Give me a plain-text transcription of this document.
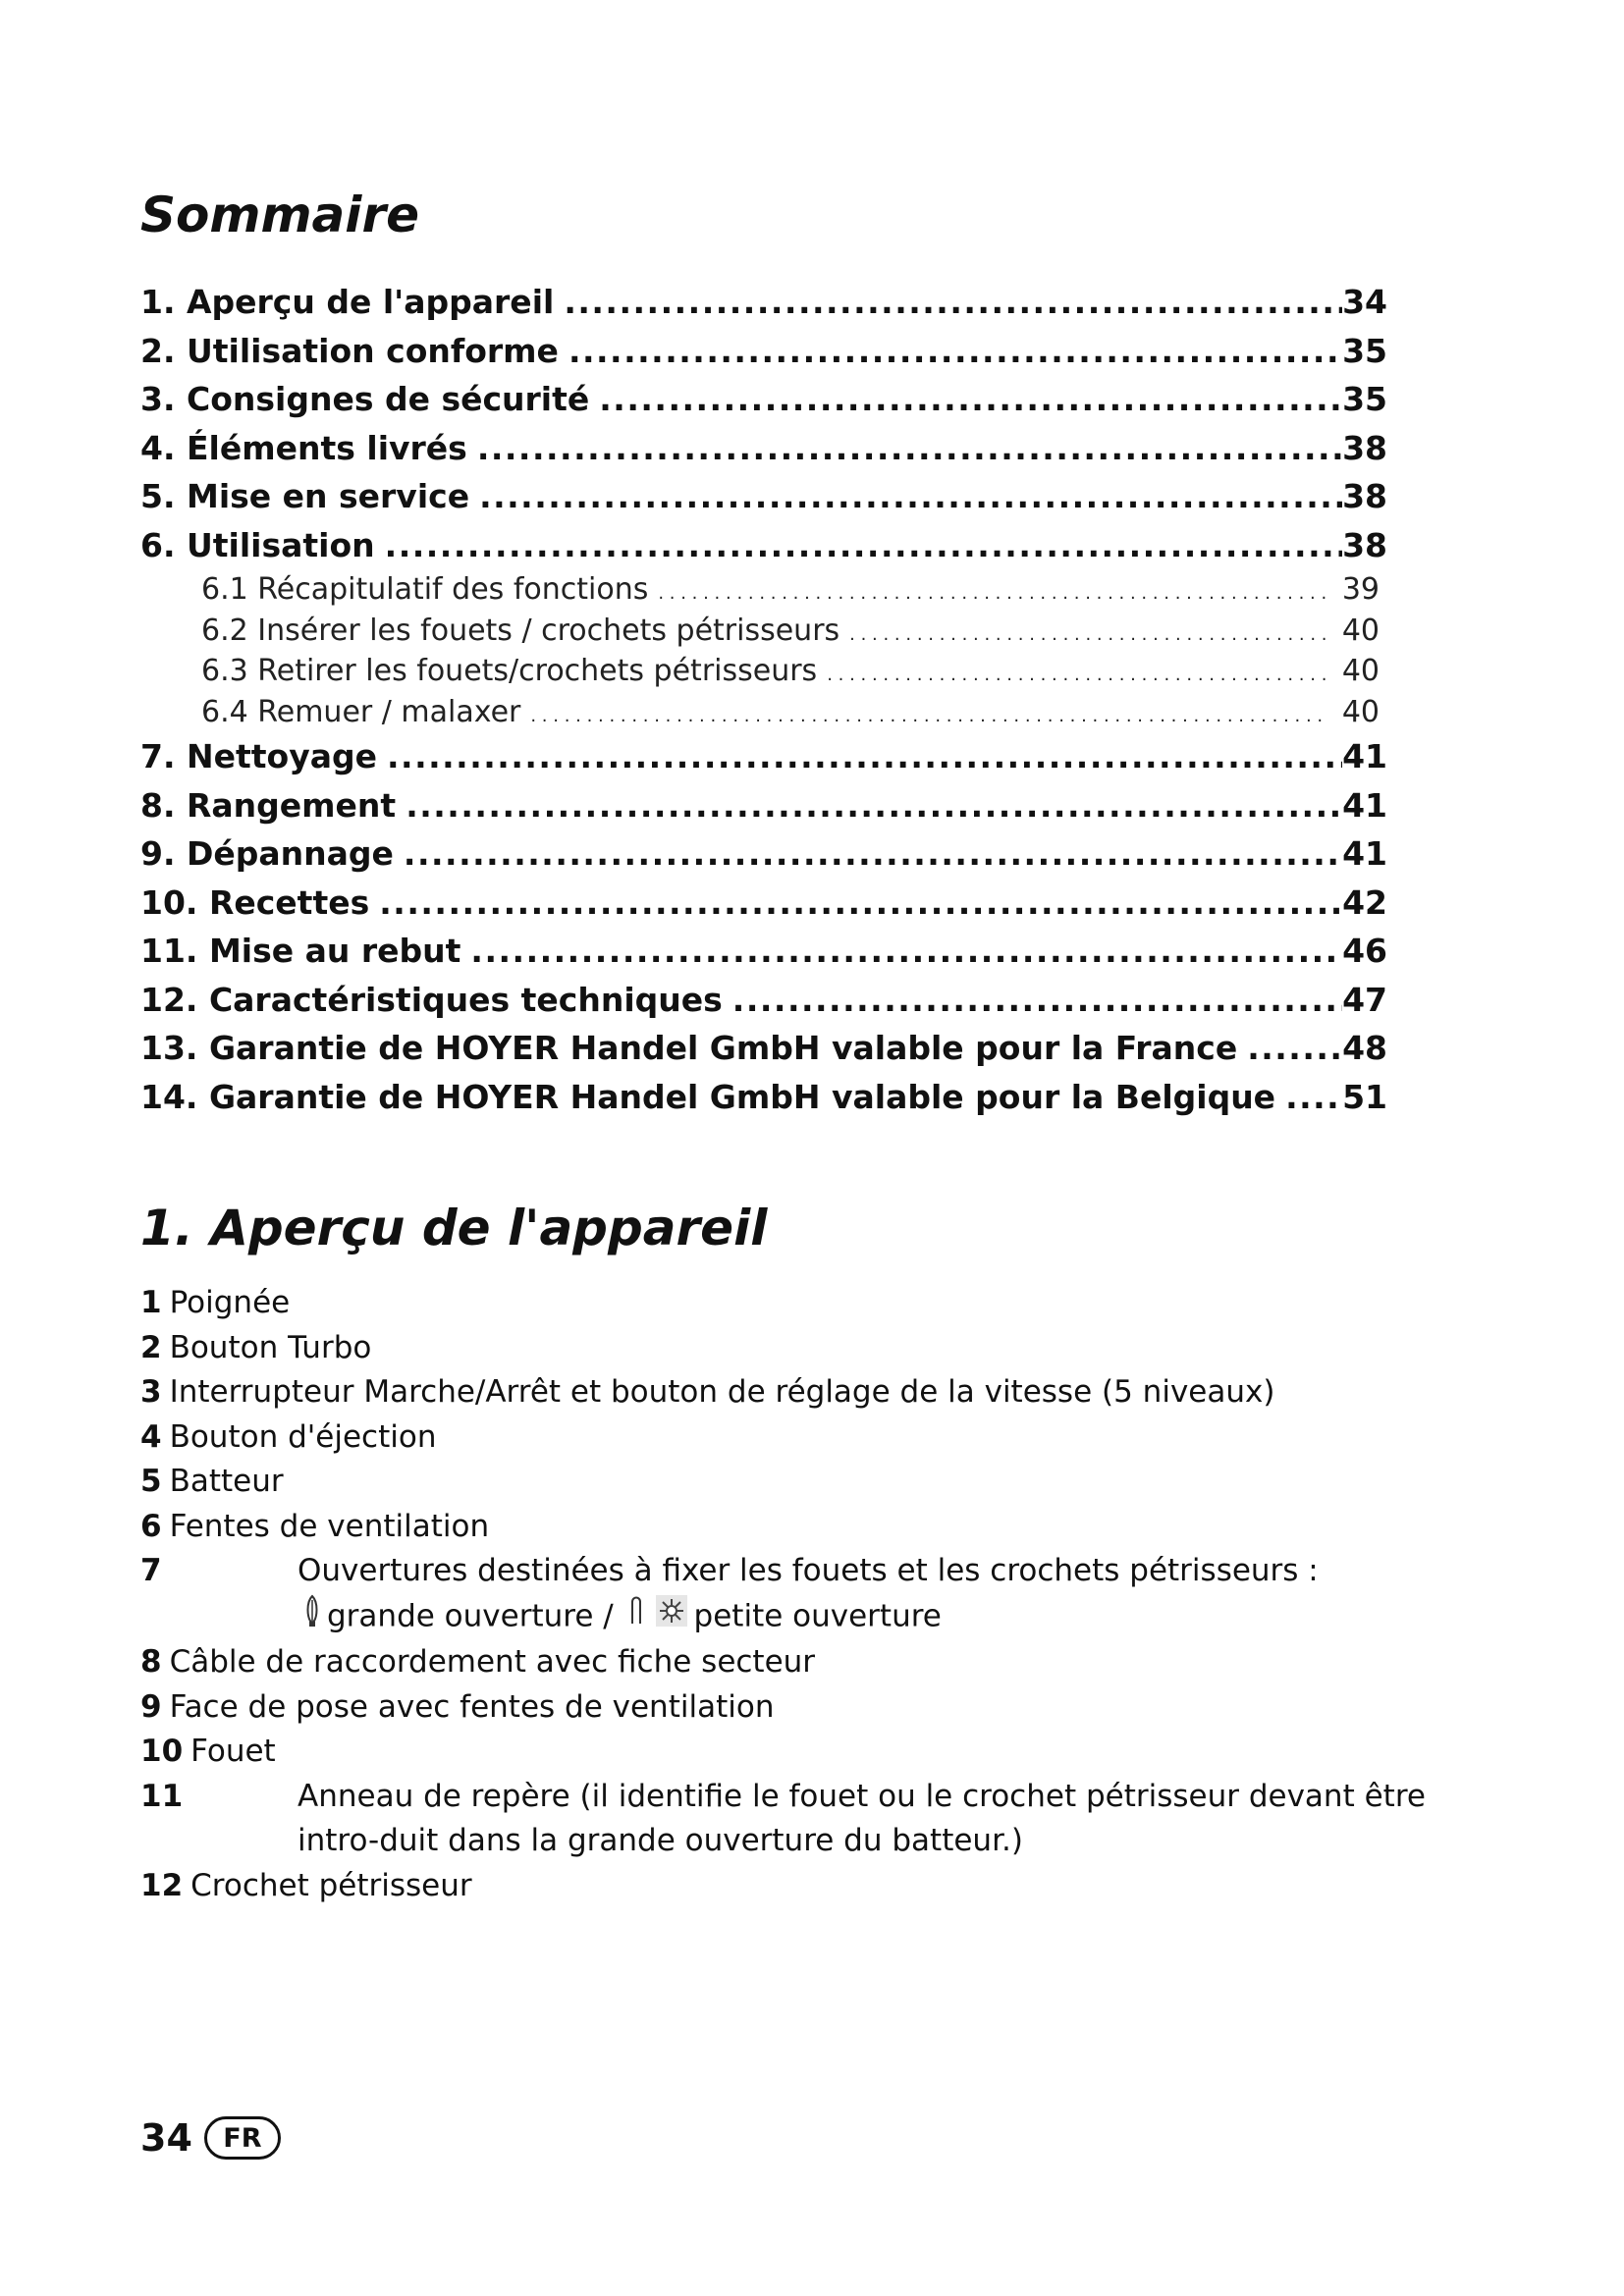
Sommaire
1. Aperçu de l'appareil .....	34
2. Utilisation conforme .....	35
3. Consignes de sécurité .....	35
4. Éléments livrés .....	38
5. Mise en service .....	38
6. Utilisation .....	38
6.1 Récapitulatif des fonctions . . .	39
6.2 Insérer les fouets / crochets pétrisseurs . . .	40
6.3 Retirer les fouets/crochets pétrisseurs . . .	40
6.4 Remuer / malaxer . . .	40
7. Nettoyage .....	41
8. Rangement .....	41
9. Dépannage .....	41
10. Recettes .....	42
11. Mise au rebut .....	46
12. Caractéristiques techniques .....	47
13. Garantie de HOYER Handel GmbH valable pour la France .....	48
14. Garantie de HOYER Handel GmbH valable pour la Belgique .....	51
1. Aperçu de l'appareil
1 Poignée
2 Bouton Turbo
3 Interrupteur Marche/Arrêt et bouton de réglage de la vitesse (5 niveaux)
4 Bouton d'éjection
5 Batteur
6 Fentes de ventilation
7	Ouvertures destinées à fixer les fouets et les crochets pétrisseurs :
grande ouverture /	petite ouverture
8 Câble de raccordement avec fiche secteur
9 Face de pose avec fentes de ventilation
10 Fouet
11	Anneau de repère (il identifie le fouet ou le crochet pétrisseur devant être intro-duit dans la grande ouverture du batteur.)
12 Crochet pétrisseur
34	FR
